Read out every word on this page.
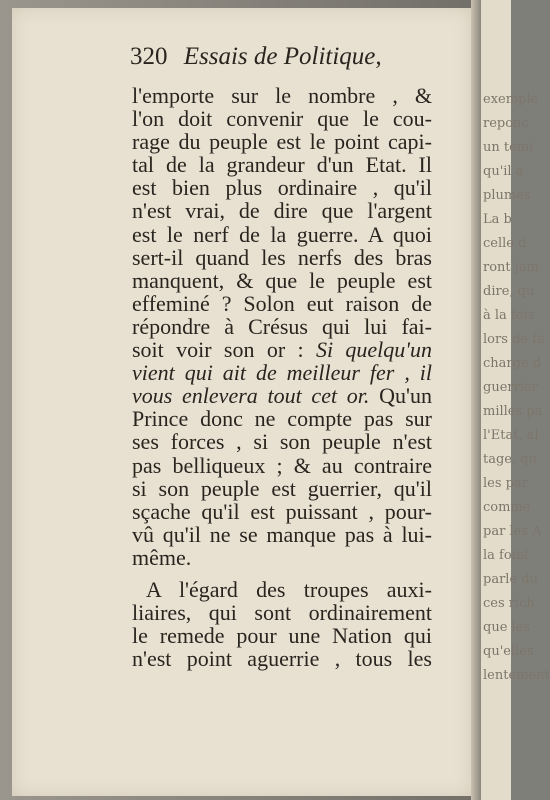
exemple
reponc
un temi
qu'il a
plumes
La b
celle d
ront jam
dire, qu
à la fois
lors de fa
charge d
guerrier
milles pa
l'Etat, al
tage, qu
les par
comme
par les A
la foibl
parle du
ces rich
que les
qu'elles
lentement
320 Essais de Politique,
l'emporte sur le nombre , &
l'on doit convenir que le cou-
rage du peuple est le point capi-
tal de la grandeur d'un Etat. Il
est bien plus ordinaire , qu'il
n'est vrai, de dire que l'argent
est le nerf de la guerre. A quoi
sert-il quand les nerfs des bras
manquent, & que le peuple est
effeminé ? Solon eut raison de
répondre à Crésus qui lui fai-
soit voir son or : Si quelqu'un
vient qui ait de meilleur fer , il
vous enlevera tout cet or. Qu'un
Prince donc ne compte pas sur
ses forces , si son peuple n'est
pas belliqueux ; & au contraire
si son peuple est guerrier, qu'il
sçache qu'il est puissant , pour-
vû qu'il ne se manque pas à lui-
même.
A l'égard des troupes auxi-
liaires, qui sont ordinairement
le remede pour une Nation qui
n'est point aguerrie , tous les
